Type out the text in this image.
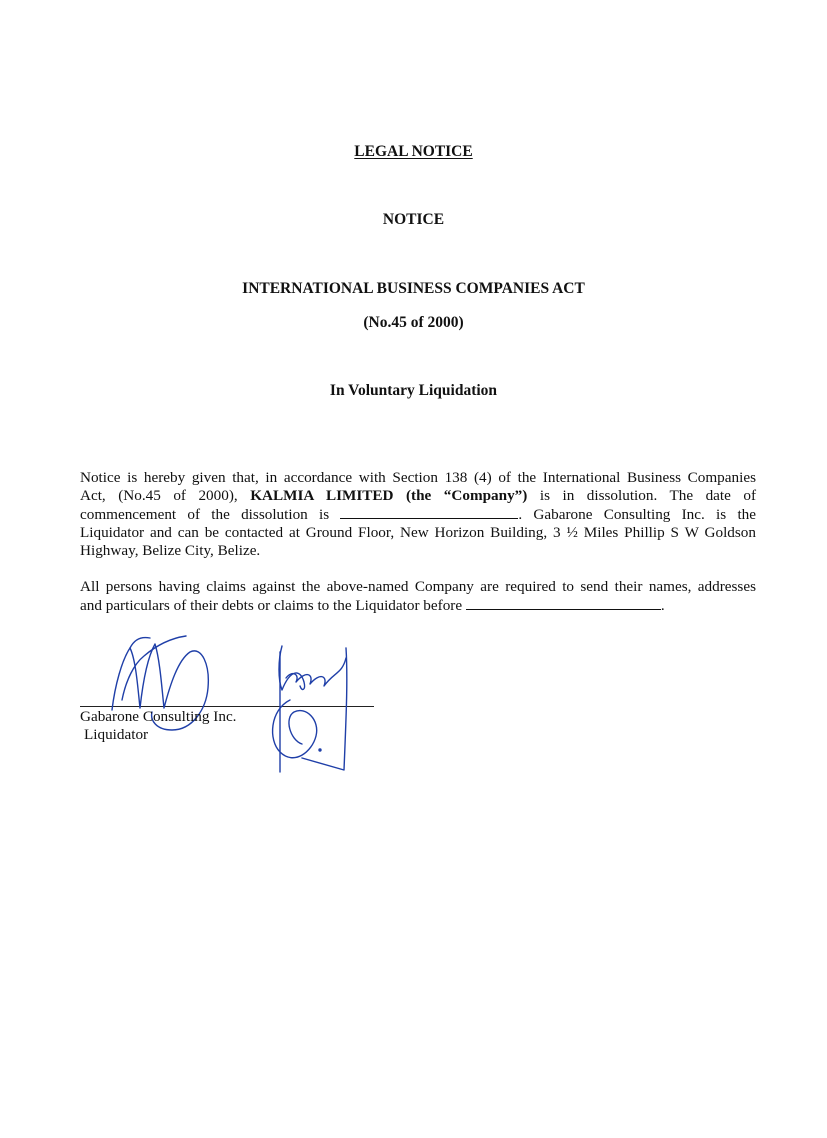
LEGAL NOTICE
NOTICE
INTERNATIONAL BUSINESS COMPANIES ACT
(No.45 of 2000)
In Voluntary Liquidation
Notice is hereby given that, in accordance with Section 138 (4) of the International Business Companies
Act, (No.45 of 2000), KALMIA LIMITED (the “Company”) is in dissolution. The date of
commencement of the dissolution is	. Gabarone Consulting Inc. is the
Liquidator and can be contacted at Ground Floor, New Horizon Building, 3 ½ Miles Phillip S W Goldson
Highway, Belize City, Belize.
All persons having claims against the above-named Company are required to send their names, addresses
and particulars of their debts or claims to the Liquidator before	.
Gabarone Consulting Inc.
Liquidator
